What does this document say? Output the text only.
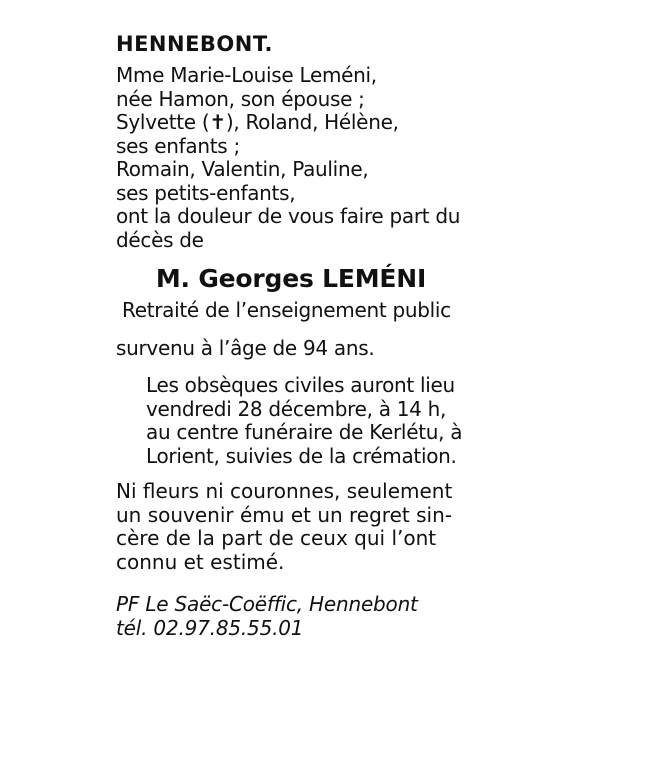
HENNEBONT.
Mme Marie-Louise Leméni,
née Hamon, son épouse ;
Sylvette (✝), Roland, Hélène,
ses enfants ;
Romain, Valentin, Pauline,
ses petits-enfants,
ont la douleur de vous faire part du
décès de
M. Georges LEMÉNI
Retraité de l’enseignement public
survenu à l’âge de 94 ans.
Les obsèques civiles auront lieu
vendredi 28 décembre, à 14 h,
au centre funéraire de Kerlétu, à
Lorient, suivies de la crémation.
Ni fleurs ni couronnes, seulement
un souvenir ému et un regret sin-
cère de la part de ceux qui l’ont
connu et estimé.
PF Le Saëc-Coëffic, Hennebont
tél. 02.97.85.55.01
